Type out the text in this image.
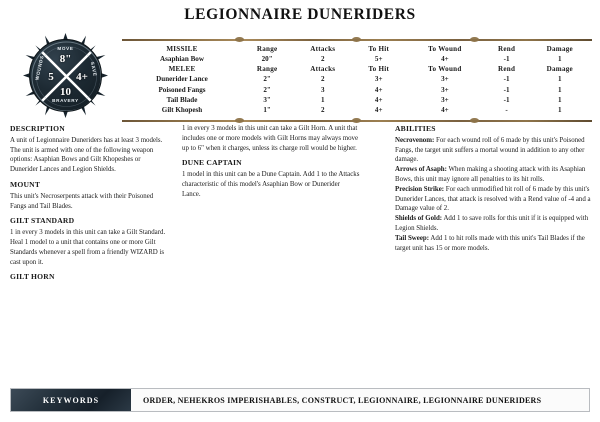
LEGIONNAIRE DUNERIDERS
MOVE
8"
SAVE
4+
WOUNDS 5
BRAVERY
10
MISSILE	Range	Attacks	To Hit	To Wound	Rend	Damage
Asaphian Bow	20"	2	5+	4+	-1	1
MELEE	Range	Attacks	To Hit	To Wound	Rend	Damage
Dunerider Lance	2"	2	3+	3+	-1	1
Poisoned Fangs	2"	3	4+	3+	-1	1
Tail Blade	3"	1	4+	3+	-1	1
Gilt Khopesh	1"	2	4+	4+	-	1
DESCRIPTION

A unit of Legionnaire Duneriders has at least 3 models. The unit is armed with one of the following weapon options: Asaphian Bows and Gilt Khopeshes or Dunerider Lances and Legion Shields.

MOUNT

This unit's Necroserpents attack with their Poisoned Fangs and Tail Blades.

GILT STANDARD

1 in every 3 models in this unit can take a Gilt Standard. Heal 1 model to a unit that contains one or more Gilt Standards whenever a spell from a friendly WIZARD is cast upon it.

GILT HORN

1 in every 3 models in this unit can take a Gilt Horn. A unit that includes one or more models with Gilt Horns may always move up to 6" when it charges, unless its charge roll would be higher.

DUNE CAPTAIN

1 model in this unit can be a Dune Captain. Add 1 to the Attacks characteristic of this model's Asaphian Bow or Dunerider Lance.

ABILITIES

Necrovenom: For each wound roll of 6 made by this unit's Poisoned Fangs, the target unit suffers a mortal wound in addition to any other damage.

Arrows of Asaph: When making a shooting attack with its Asaphian Bows, this unit may ignore all penalties to its hit rolls.

Precision Strike: For each unmodified hit roll of 6 made by this unit's Dunerider Lances, that attack is resolved with a Rend value of -4 and a Damage value of 2.

Shields of Gold: Add 1 to save rolls for this unit if it is equipped with Legion Shields.

Tail Sweep: Add 1 to hit rolls made with this unit's Tail Blades if the target unit has 15 or more models.

KEYWORDS	ORDER, NEHEKROS IMPERISHABLES, CONSTRUCT, LEGIONNAIRE, LEGIONNAIRE DUNERIDERS
